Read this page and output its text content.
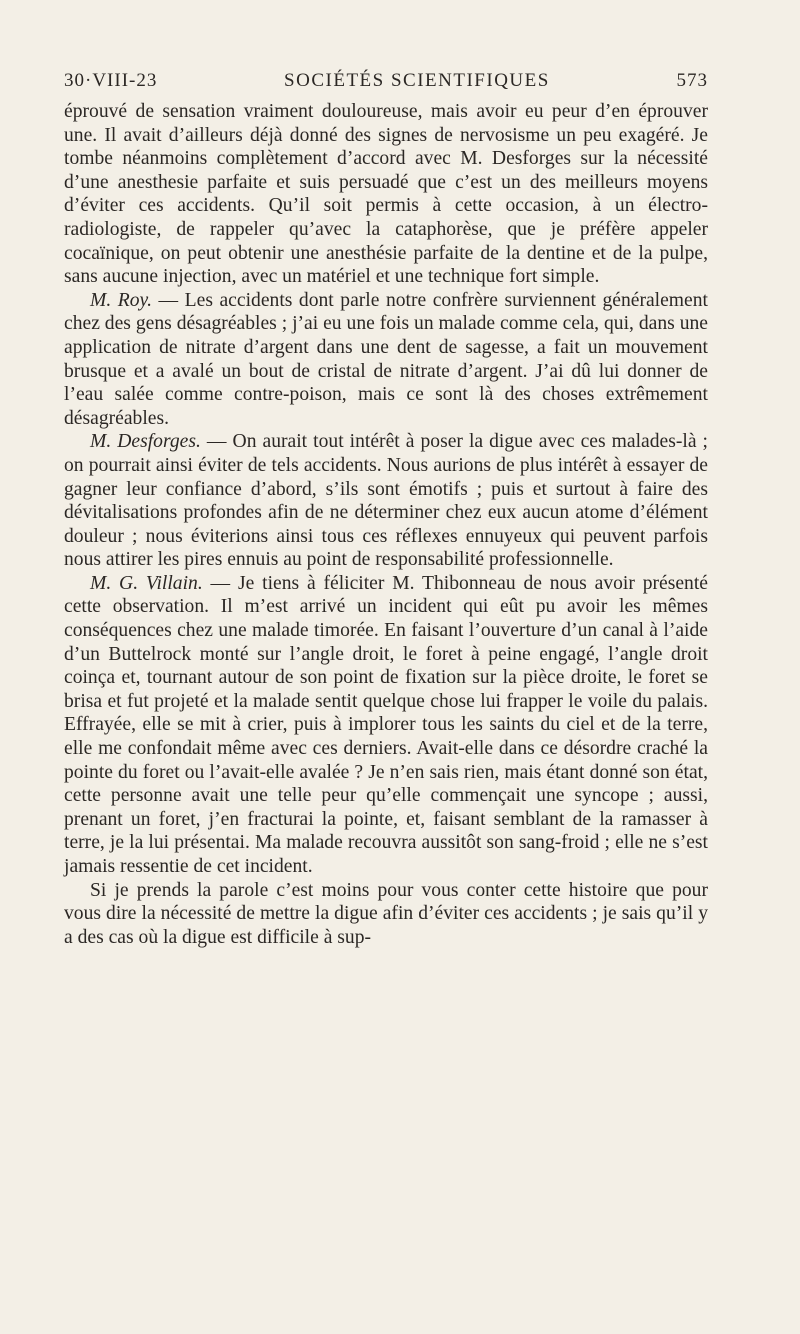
30·VIII-23	SOCIÉTÉS SCIENTIFIQUES	573

éprouvé de sensation vraiment douloureuse, mais avoir eu peur d’en éprouver une. Il avait d’ailleurs déjà donné des signes de nervosisme un peu exagéré. Je tombe néanmoins complètement d’accord avec M. Desforges sur la nécessité d’une anesthesie parfaite et suis persuadé que c’est un des meilleurs moyens d’éviter ces accidents. Qu’il soit permis à cette occasion, à un électro-radiologiste, de rappeler qu’avec la cataphorèse, que je préfère appeler cocaïnique, on peut obtenir une anesthésie parfaite de la dentine et de la pulpe, sans aucune injection, avec un matériel et une technique fort simple.

M. Roy. — Les accidents dont parle notre confrère surviennent généralement chez des gens désagréables ; j’ai eu une fois un malade comme cela, qui, dans une application de nitrate d’argent dans une dent de sagesse, a fait un mouvement brusque et a avalé un bout de cristal de nitrate d’argent. J’ai dû lui donner de l’eau salée comme contre-poison, mais ce sont là des choses extrêmement désagréables.

M. Desforges. — On aurait tout intérêt à poser la digue avec ces malades-là ; on pourrait ainsi éviter de tels accidents. Nous aurions de plus intérêt à essayer de gagner leur confiance d’abord, s’ils sont émotifs ; puis et surtout à faire des dévitalisations profondes afin de ne déterminer chez eux aucun atome d’élément douleur ; nous éviterions ainsi tous ces réflexes ennuyeux qui peuvent parfois nous attirer les pires ennuis au point de responsabilité professionnelle.

M. G. Villain. — Je tiens à féliciter M. Thibonneau de nous avoir présenté cette observation. Il m’est arrivé un incident qui eût pu avoir les mêmes conséquences chez une malade timorée. En faisant l’ouverture d’un canal à l’aide d’un Buttelrock monté sur l’angle droit, le foret à peine engagé, l’angle droit coinça et, tournant autour de son point de fixation sur la pièce droite, le foret se brisa et fut projeté et la malade sentit quelque chose lui frapper le voile du palais. Effrayée, elle se mit à crier, puis à implorer tous les saints du ciel et de la terre, elle me confondait même avec ces derniers. Avait-elle dans ce désordre craché la pointe du foret ou l’avait-elle avalée ? Je n’en sais rien, mais étant donné son état, cette personne avait une telle peur qu’elle commençait une syncope ; aussi, prenant un foret, j’en fracturai la pointe, et, faisant semblant de la ramasser à terre, je la lui présentai. Ma malade recouvra aussitôt son sang-froid ; elle ne s’est jamais ressentie de cet incident.

Si je prends la parole c’est moins pour vous conter cette histoire que pour vous dire la nécessité de mettre la digue afin d’éviter ces accidents ; je sais qu’il y a des cas où la digue est difficile à sup-
